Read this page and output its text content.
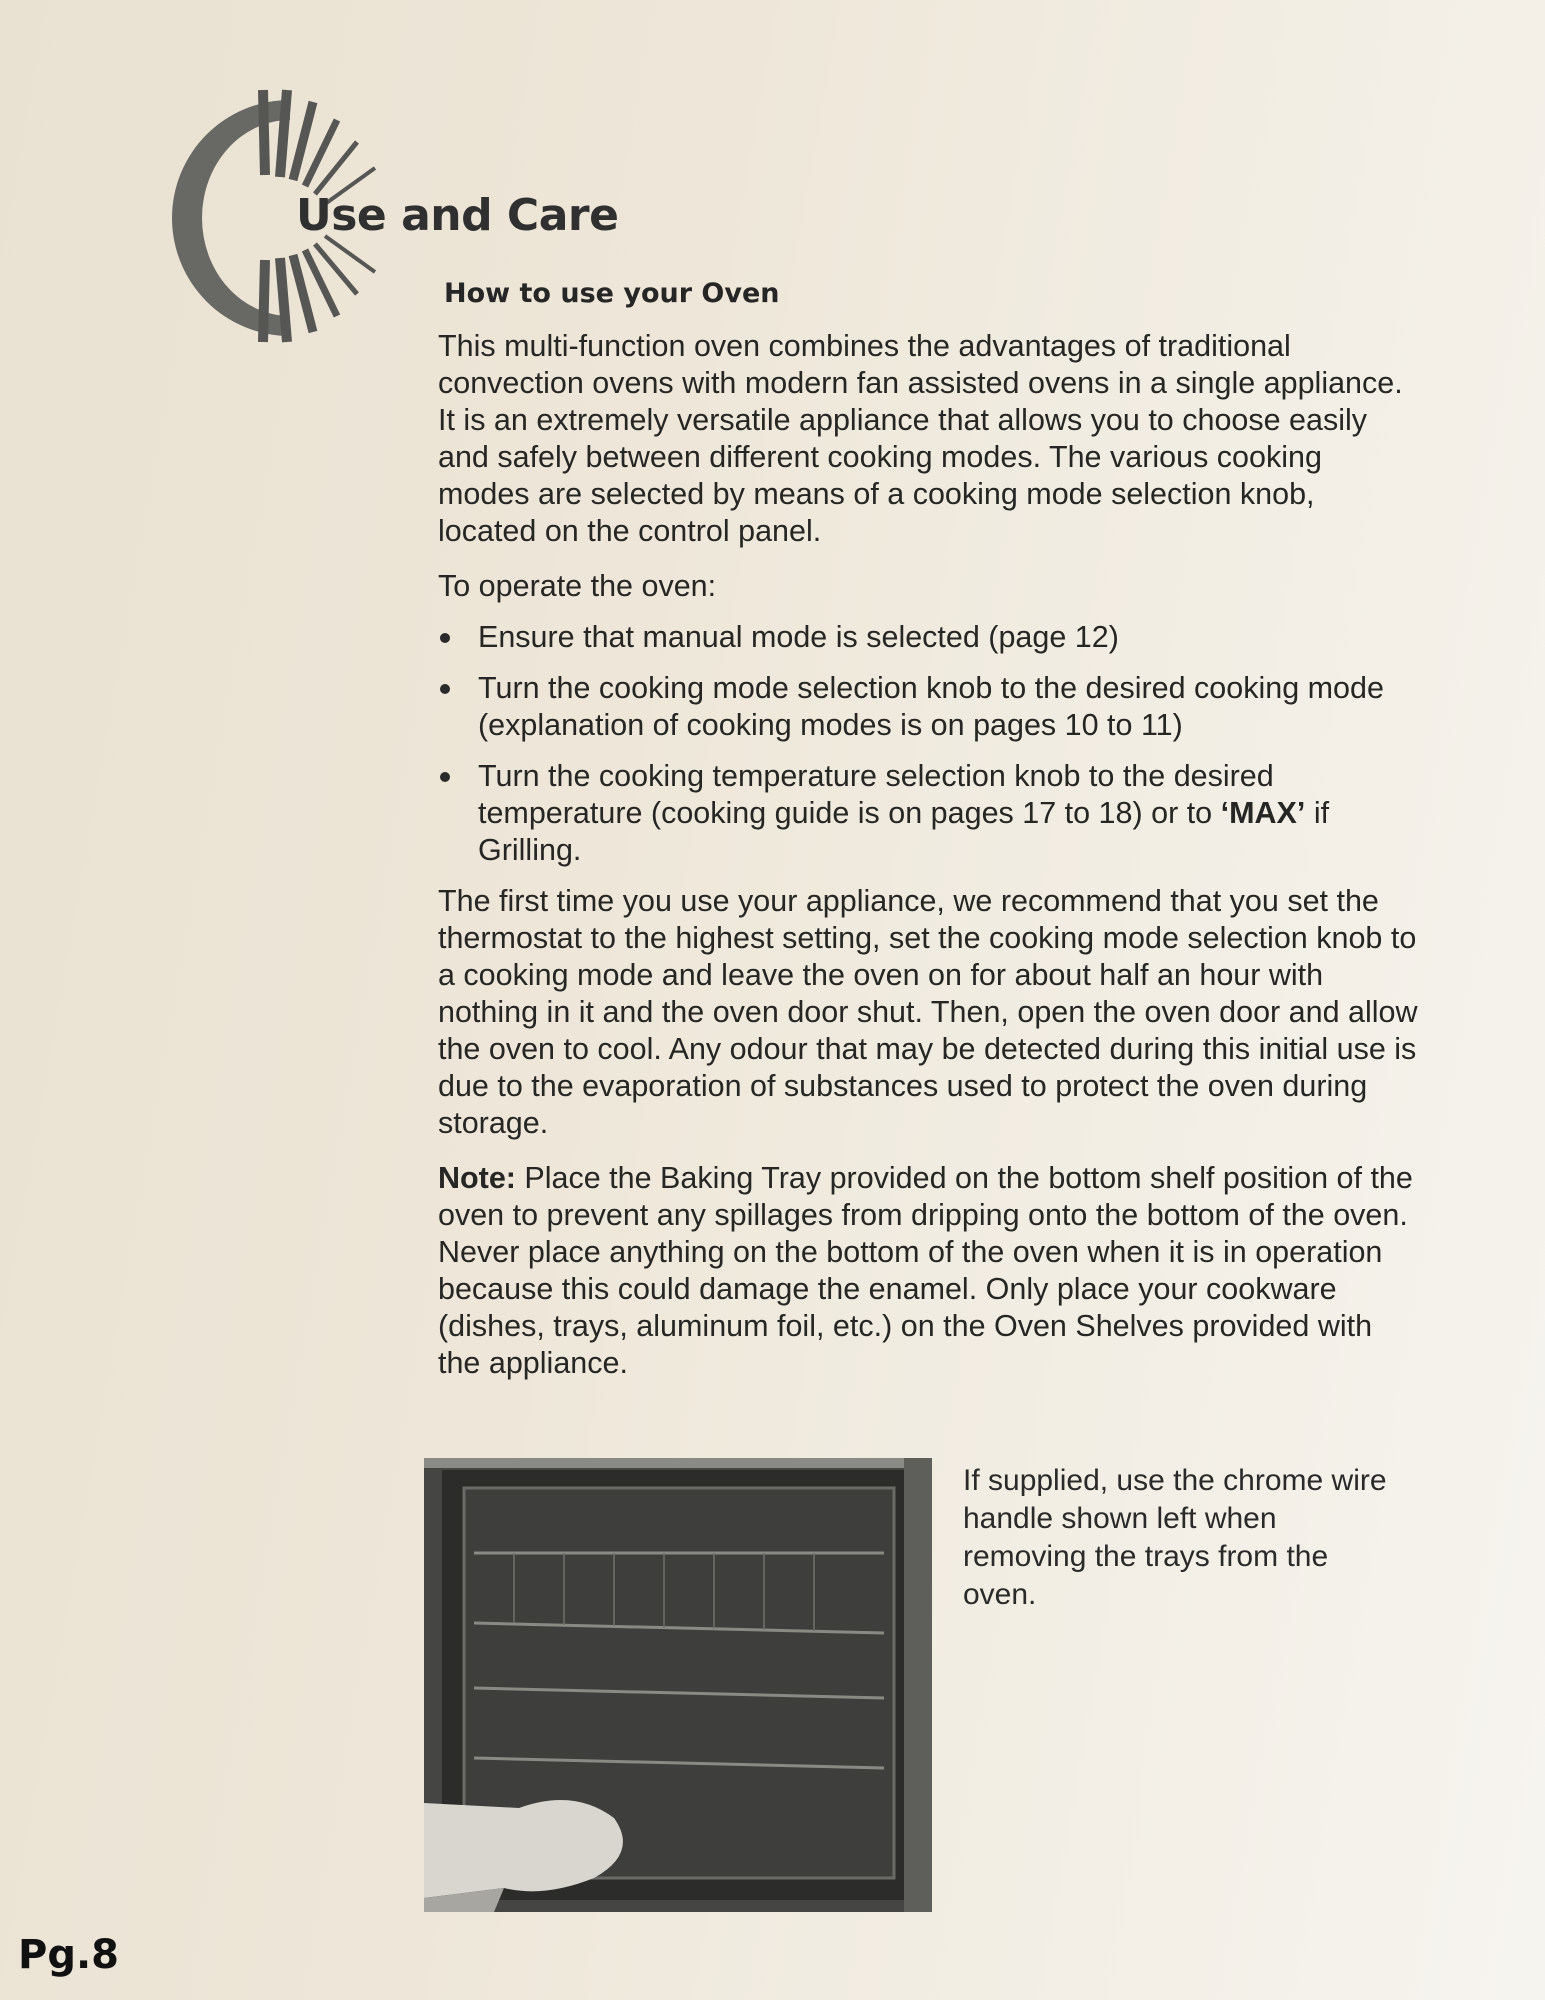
Use and Care
How to use your Oven

This multi-function oven combines the advantages of traditional convection ovens with modern fan assisted ovens in a single appliance. It is an extremely versatile appliance that allows you to choose easily and safely between different cooking modes. The various cooking modes are selected by means of a cooking mode selection knob, located on the control panel.

To operate the oven:

Ensure that manual mode is selected (page 12)
Turn the cooking mode selection knob to the desired cooking mode (explanation of cooking modes is on pages 10 to 11)
Turn the cooking temperature selection knob to the desired temperature (cooking guide is on pages 17 to 18) or to ‘MAX’ if Grilling.

The first time you use your appliance, we recommend that you set the thermostat to the highest setting, set the cooking mode selection knob to a cooking mode and leave the oven on for about half an hour with nothing in it and the oven door shut. Then, open the oven door and allow the oven to cool. Any odour that may be detected during this initial use is due to the evaporation of substances used to protect the oven during storage.

Note: Place the Baking Tray provided on the bottom shelf position of the oven to prevent any spillages from dripping onto the bottom of the oven. Never place anything on the bottom of the oven when it is in operation because this could damage the enamel. Only place your cookware (dishes, trays, aluminum foil, etc.) on the Oven Shelves provided with the appliance.

If supplied, use the chrome wire handle shown left when removing the trays from the oven.
Pg.8
